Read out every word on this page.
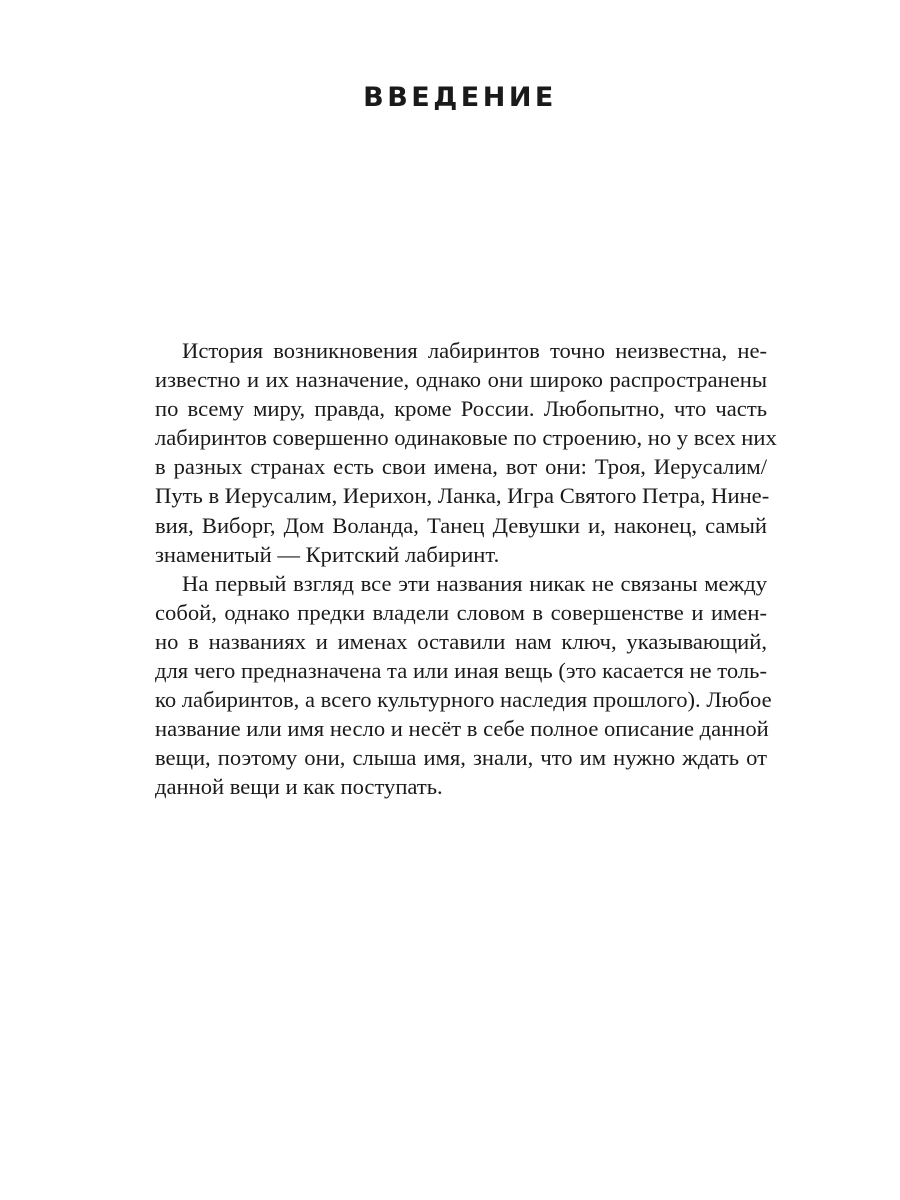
ВВЕДЕНИЕ
История возникновения лабиринтов точно неизвестна, не-
известно и их назначение, однако они широко распространены
по всему миру, правда, кроме России. Любопытно, что часть
лабиринтов совершенно одинаковые по строению, но у всех них
в разных странах есть свои имена, вот они: Троя, Иерусалим/
Путь в Иерусалим, Иерихон, Ланка, Игра Святого Петра, Нине-
вия, Виборг, Дом Воланда, Танец Девушки и, наконец, самый
знаменитый — Критский лабиринт.
На первый взгляд все эти названия никак не связаны между
собой, однако предки владели словом в совершенстве и имен-
но в названиях и именах оставили нам ключ, указывающий,
для чего предназначена та или иная вещь (это касается не толь-
ко лабиринтов, а всего культурного наследия прошлого). Любое
название или имя несло и несёт в себе полное описание данной
вещи, поэтому они, слыша имя, знали, что им нужно ждать от
данной вещи и как поступать.
